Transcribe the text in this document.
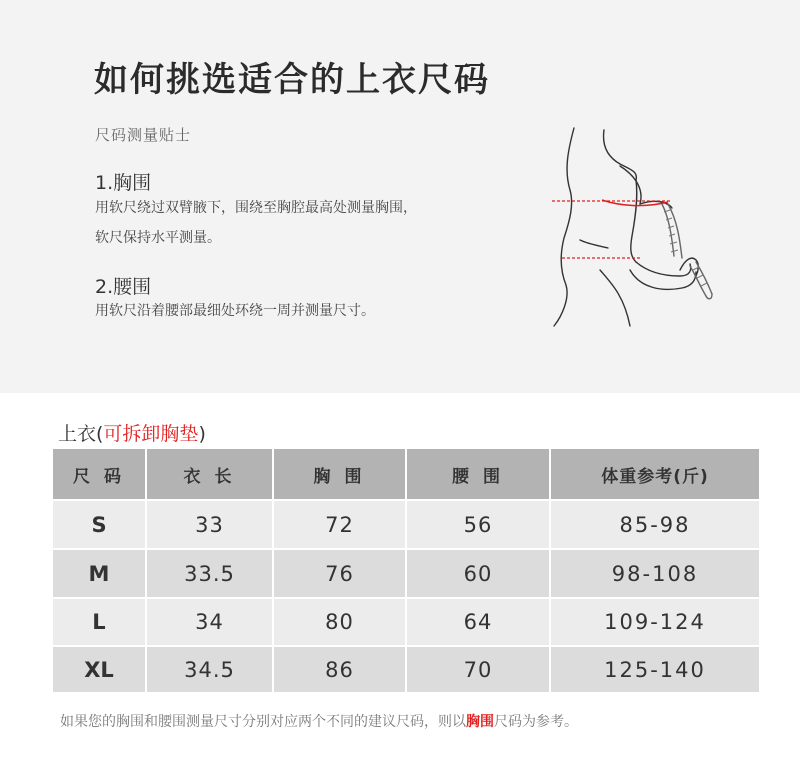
如何挑选适合的上衣尺码
尺码测量贴士
1.胸围
用软尺绕过双臂腋下，围绕至胸腔最高处测量胸围，
软尺保持水平测量。
2.腰围
用软尺沿着腰部最细处环绕一周并测量尺寸。
上衣(可拆卸胸垫)
尺 码	衣 长	胸 围	腰 围	体重参考(斤)
S	33	72	56	85-98
M	33.5	76	60	98-108
L	34	80	64	109-124
XL	34.5	86	70	125-140
如果您的胸围和腰围测量尺寸分别对应两个不同的建议尺码，则以胸围尺码为参考。
